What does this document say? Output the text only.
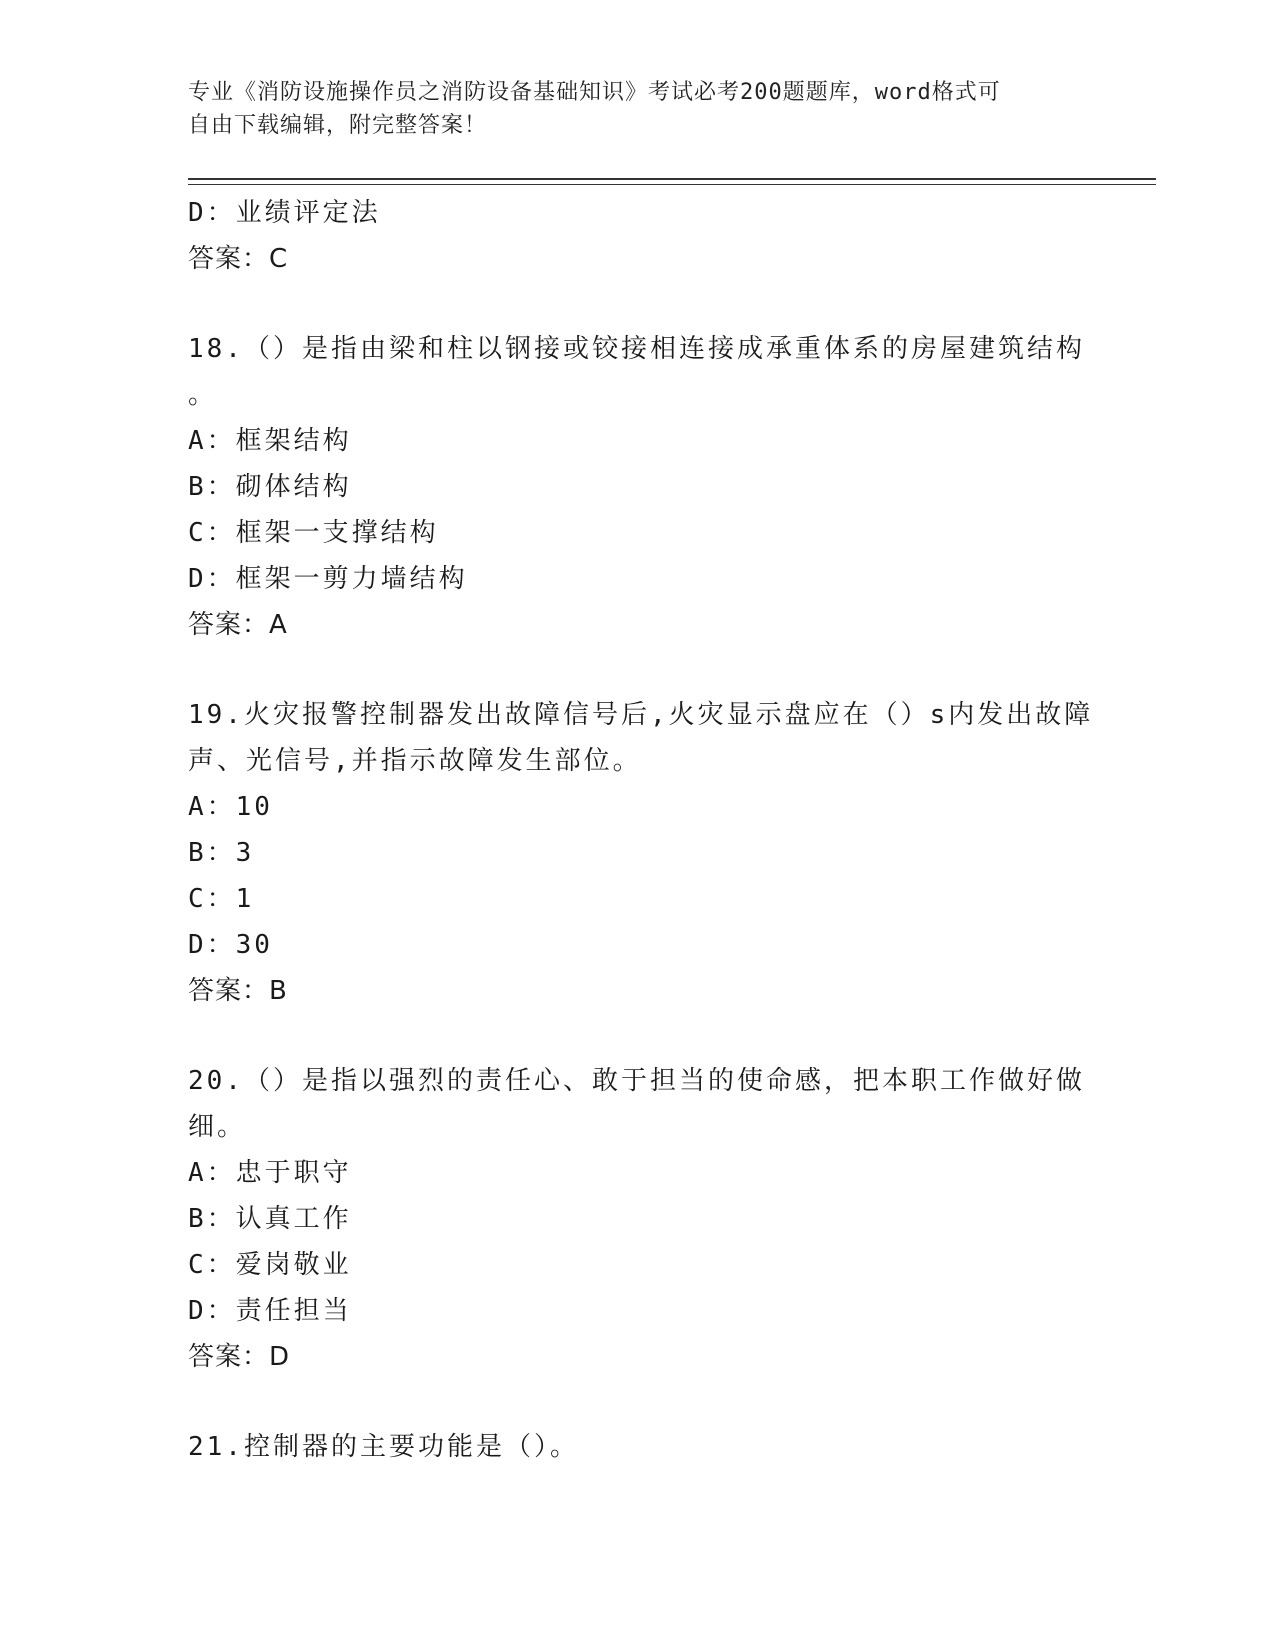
专业《消防设施操作员之消防设备基础知识》考试必考200题题库，word格式可
自由下载编辑，附完整答案！
D：业绩评定法
答案：C
18.（）是指由梁和柱以钢接或铰接相连接成承重体系的房屋建筑结构
。
A：框架结构
B：砌体结构
C：框架一支撑结构
D：框架一剪力墙结构
答案：A
19.火灾报警控制器发出故障信号后,火灾显示盘应在（）s内发出故障
声、光信号,并指示故障发生部位。
A：10
B：3
C：1
D：30
答案：B
20.（）是指以强烈的责任心、敢于担当的使命感，把本职工作做好做
细。
A：忠于职守
B：认真工作
C：爱岗敬业
D：责任担当
答案：D
21.控制器的主要功能是（）。
